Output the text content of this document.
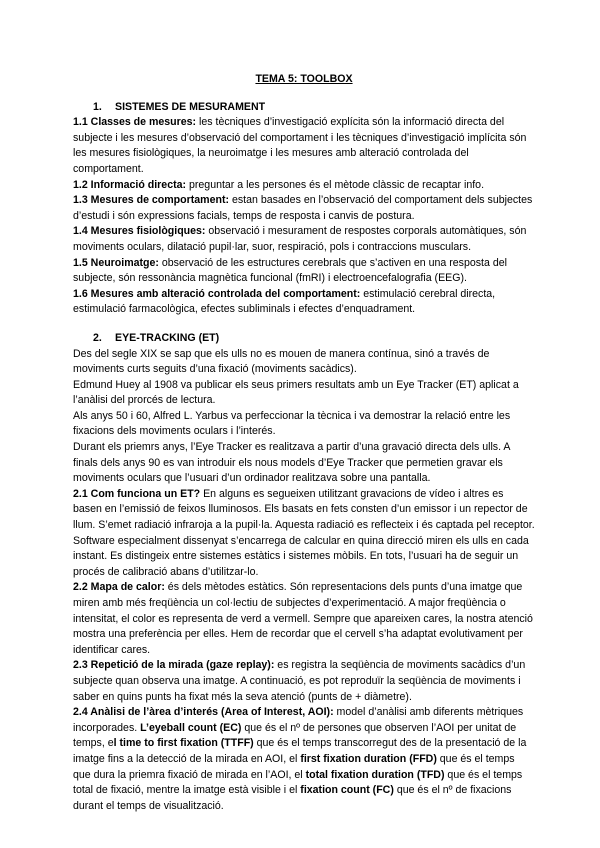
TEMA 5: TOOLBOX

1.	SISTEMES DE MESURAMENT

1.1 Classes de mesures: les tècniques d’investigació explícita són la informació directa del subjecte i les mesures d’observació del comportament i les tècniques d’investigació implícita són les mesures fisiològiques, la neuroimatge i les mesures amb alteració controlada del comportament.

1.2 Informació directa: preguntar a les persones és el mètode clàssic de recaptar info.

1.3 Mesures de comportament: estan basades en l’observació del comportament dels subjectes d’estudi i són expressions facials, temps de resposta i canvis de postura.

1.4 Mesures fisiològiques: observació i mesurament de respostes corporals automàtiques, són moviments oculars, dilatació pupil·lar, suor, respiració, pols i contraccions musculars.

1.5 Neuroimatge: observació de les estructures cerebrals que s’activen en una resposta del subjecte, són ressonància magnètica funcional (fmRI) i electroencefalografia (EEG).

1.6 Mesures amb alteració controlada del comportament: estimulació cerebral directa, estimulació farmacològica, efectes subliminals i efectes d’enquadrament.

2.	EYE-TRACKING (ET)

Des del segle XIX se sap que els ulls no es mouen de manera contínua, sinó a través de moviments curts seguits d’una fixació (moviments sacàdics).

Edmund Huey al 1908 va publicar els seus primers resultats amb un Eye Tracker (ET) aplicat a l’anàlisi del prorcés de lectura.

Als anys 50 i 60, Alfred L. Yarbus va perfeccionar la tècnica i va demostrar la relació entre les fixacions dels moviments oculars i l’interés.

Durant els priemrs anys, l’Eye Tracker es realitzava a partir d’una gravació directa dels ulls. A finals dels anys 90 es van introduir els nous models d’Eye Tracker que permetien gravar els moviments oculars que l’usuari d’un ordinador realitzava sobre una pantalla.

2.1 Com funciona un ET? En alguns es segueixen utilitzant gravacions de vídeo i altres es basen en l’emissió de feixos lluminosos. Els basats en fets consten d’un emissor i un repector de llum. S’emet radiació infraroja a la pupil·la. Aquesta radiació es reflecteix i és captada pel receptor. Software especialment dissenyat s’encarrega de calcular en quina direcció miren els ulls en cada instant. Es distingeix entre sistemes estàtics i sistemes mòbils. En tots, l’usuari ha de seguir un procés de calibració abans d’utilitzar-lo.

2.2 Mapa de calor: és dels mètodes estàtics. Són representacions dels punts d’una imatge que miren amb més freqüència un col·lectiu de subjectes d’experimentació. A major freqüència o intensitat, el color es representa de verd a vermell. Sempre que apareixen cares, la nostra atenció mostra una preferència per elles. Hem de recordar que el cervell s’ha adaptat evolutivament per identificar cares.

2.3 Repetició de la mirada (gaze replay): es registra la seqüència de moviments sacàdics d’un subjecte quan observa una imatge. A continuació, es pot reproduïr la seqüència de moviments i saber en quins punts ha fixat més la seva atenció (punts de + diàmetre).

2.4 Anàlisi de l’àrea d’interés (Area of Interest, AOI): model d’anàlisi amb diferents mètriques incorporades. L’eyeball count (EC) que és el nº de persones que observen l’AOI per unitat de temps, el time to first fixation (TTFF) que és el temps transcorregut des de la presentació de la imatge fins a la detecció de la mirada en AOI, el first fixation duration (FFD) que és el temps que dura la priemra fixació de mirada en l’AOI, el total fixation duration (TFD) que és el temps total de fixació, mentre la imatge està visible i el fixation count (FC) que és el nº de fixacions durant el temps de visualització.
